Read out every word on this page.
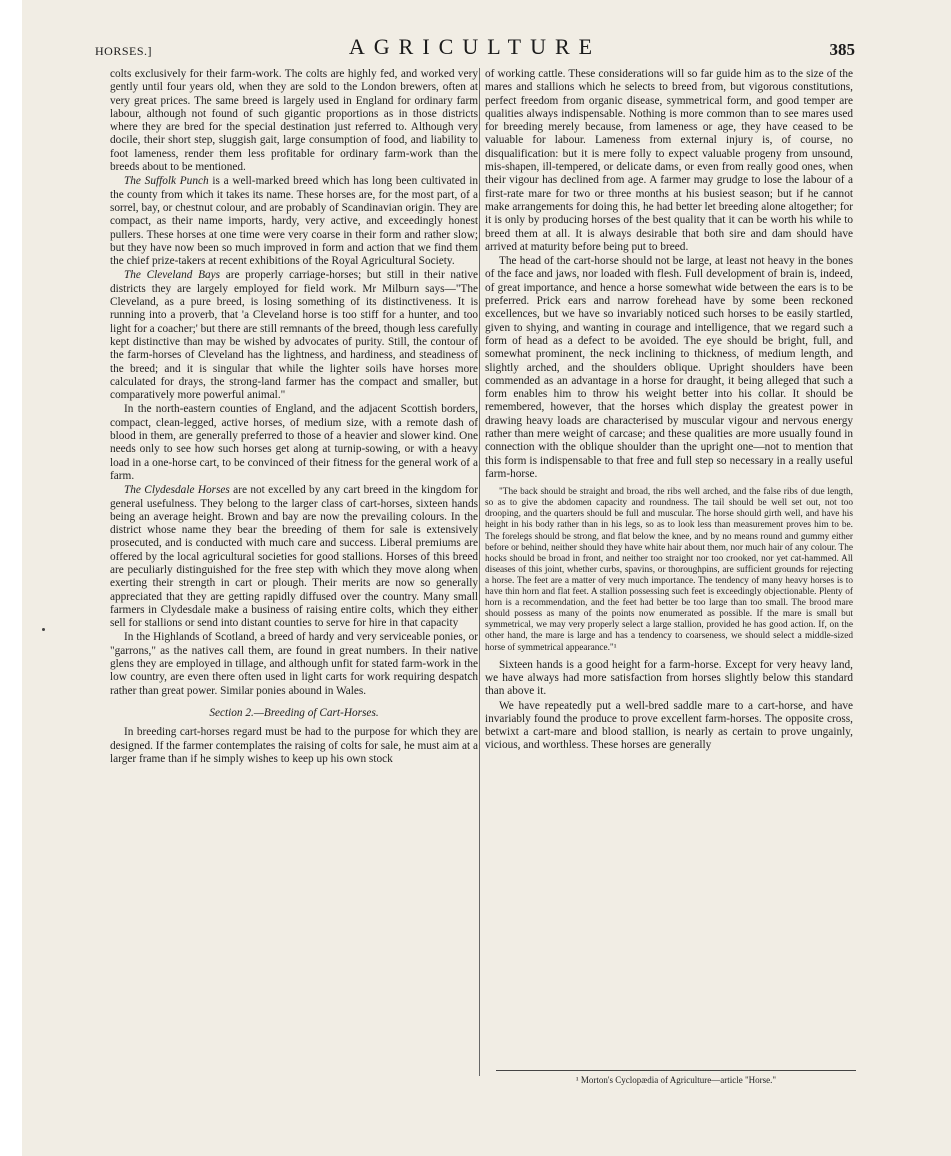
HORSES.]	AGRICULTURE	385

colts exclusively for their farm-work. The colts are highly fed, and worked very gently until four years old, when they are sold to the London brewers, often at very great prices. The same breed is largely used in England for ordinary farm labour, although not found of such gigantic proportions as in those districts where they are bred for the special destination just referred to. Although very docile, their short step, sluggish gait, large consumption of food, and liability to foot lameness, render them less profitable for ordinary farm-work than the breeds about to be mentioned.

The Suffolk Punch is a well-marked breed which has long been cultivated in the county from which it takes its name. These horses are, for the most part, of a sorrel, bay, or chestnut colour, and are probably of Scandinavian origin. They are compact, as their name imports, hardy, very active, and exceedingly honest pullers. These horses at one time were very coarse in their form and rather slow; but they have now been so much improved in form and action that we find them the chief prize-takers at recent exhibitions of the Royal Agricultural Society.

The Cleveland Bays are properly carriage-horses; but still in their native districts they are largely employed for field work. Mr Milburn says—"The Cleveland, as a pure breed, is losing something of its distinctiveness. It is running into a proverb, that 'a Cleveland horse is too stiff for a hunter, and too light for a coacher;' but there are still remnants of the breed, though less carefully kept distinctive than may be wished by advocates of purity. Still, the contour of the farm-horses of Cleveland has the lightness, and hardiness, and steadiness of the breed; and it is singular that while the lighter soils have horses more calculated for drays, the strong-land farmer has the compact and smaller, but comparatively more powerful animal."

In the north-eastern counties of England, and the adjacent Scottish borders, compact, clean-legged, active horses, of medium size, with a remote dash of blood in them, are generally preferred to those of a heavier and slower kind. One needs only to see how such horses get along at turnip-sowing, or with a heavy load in a one-horse cart, to be convinced of their fitness for the general work of a farm.

The Clydesdale Horses are not excelled by any cart breed in the kingdom for general usefulness. They belong to the larger class of cart-horses, sixteen hands being an average height. Brown and bay are now the prevailing colours. In the district whose name they bear the breeding of them for sale is extensively prosecuted, and is conducted with much care and success. Liberal premiums are offered by the local agricultural societies for good stallions. Horses of this breed are peculiarly distinguished for the free step with which they move along when exerting their strength in cart or plough. Their merits are now so generally appreciated that they are getting rapidly diffused over the country. Many small farmers in Clydesdale make a business of raising entire colts, which they either sell for stallions or send into distant counties to serve for hire in that capacity

In the Highlands of Scotland, a breed of hardy and very serviceable ponies, or "garrons," as the natives call them, are found in great numbers. In their native glens they are employed in tillage, and although unfit for stated farm-work in the low country, are even there often used in light carts for work requiring despatch rather than great power. Similar ponies abound in Wales.

Section 2.—Breeding of Cart-Horses.

In breeding cart-horses regard must be had to the purpose for which they are designed. If the farmer contemplates the raising of colts for sale, he must aim at a larger frame than if he simply wishes to keep up his own stock

of working cattle. These considerations will so far guide him as to the size of the mares and stallions which he selects to breed from, but vigorous constitutions, perfect freedom from organic disease, symmetrical form, and good temper are qualities always indispensable. Nothing is more common than to see mares used for breeding merely because, from lameness or age, they have ceased to be valuable for labour. Lameness from external injury is, of course, no disqualification: but it is mere folly to expect valuable progeny from unsound, mis-shapen, ill-tempered, or delicate dams, or even from really good ones, when their vigour has declined from age. A farmer may grudge to lose the labour of a first-rate mare for two or three months at his busiest season; but if he cannot make arrangements for doing this, he had better let breeding alone altogether; for it is only by producing horses of the best quality that it can be worth his while to breed them at all. It is always desirable that both sire and dam should have arrived at maturity before being put to breed.

The head of the cart-horse should not be large, at least not heavy in the bones of the face and jaws, nor loaded with flesh. Full development of brain is, indeed, of great importance, and hence a horse somewhat wide between the ears is to be preferred. Prick ears and narrow forehead have by some been reckoned excellences, but we have so invariably noticed such horses to be easily startled, given to shying, and wanting in courage and intelligence, that we regard such a form of head as a defect to be avoided. The eye should be bright, full, and somewhat prominent, the neck inclining to thickness, of medium length, and slightly arched, and the shoulders oblique. Upright shoulders have been commended as an advantage in a horse for draught, it being alleged that such a form enables him to throw his weight better into his collar. It should be remembered, however, that the horses which display the greatest power in drawing heavy loads are characterised by muscular vigour and nervous energy rather than mere weight of carcase; and these qualities are more usually found in connection with the oblique shoulder than the upright one—not to mention that this form is indispensable to that free and full step so necessary in a really useful farm-horse.

"The back should be straight and broad, the ribs well arched, and the false ribs of due length, so as to give the abdomen capacity and roundness. The tail should be well set out, not too drooping, and the quarters should be full and muscular. The horse should girth well, and have his height in his body rather than in his legs, so as to look less than measurement proves him to be. The forelegs should be strong, and flat below the knee, and by no means round and gummy either before or behind, neither should they have white hair about them, nor much hair of any colour. The hocks should be broad in front, and neither too straight nor too crooked, nor yet cat-hammed. All diseases of this joint, whether curbs, spavins, or thoroughpins, are sufficient grounds for rejecting a horse. The feet are a matter of very much importance. The tendency of many heavy horses is to have thin horn and flat feet. A stallion possessing such feet is exceedingly objectionable. Plenty of horn is a recommendation, and the feet had better be too large than too small. The brood mare should possess as many of the points now enumerated as possible. If the mare is small but symmetrical, we may very properly select a large stallion, provided he has good action. If, on the other hand, the mare is large and has a tendency to coarseness, we should select a middle-sized horse of symmetrical appearance."¹

Sixteen hands is a good height for a farm-horse. Except for very heavy land, we have always had more satisfaction from horses slightly below this standard than above it.

We have repeatedly put a well-bred saddle mare to a cart-horse, and have invariably found the produce to prove excellent farm-horses. The opposite cross, betwixt a cart-mare and blood stallion, is nearly as certain to prove ungainly, vicious, and worthless. These horses are generally

¹ Morton's Cyclopædia of Agriculture—article "Horse."
